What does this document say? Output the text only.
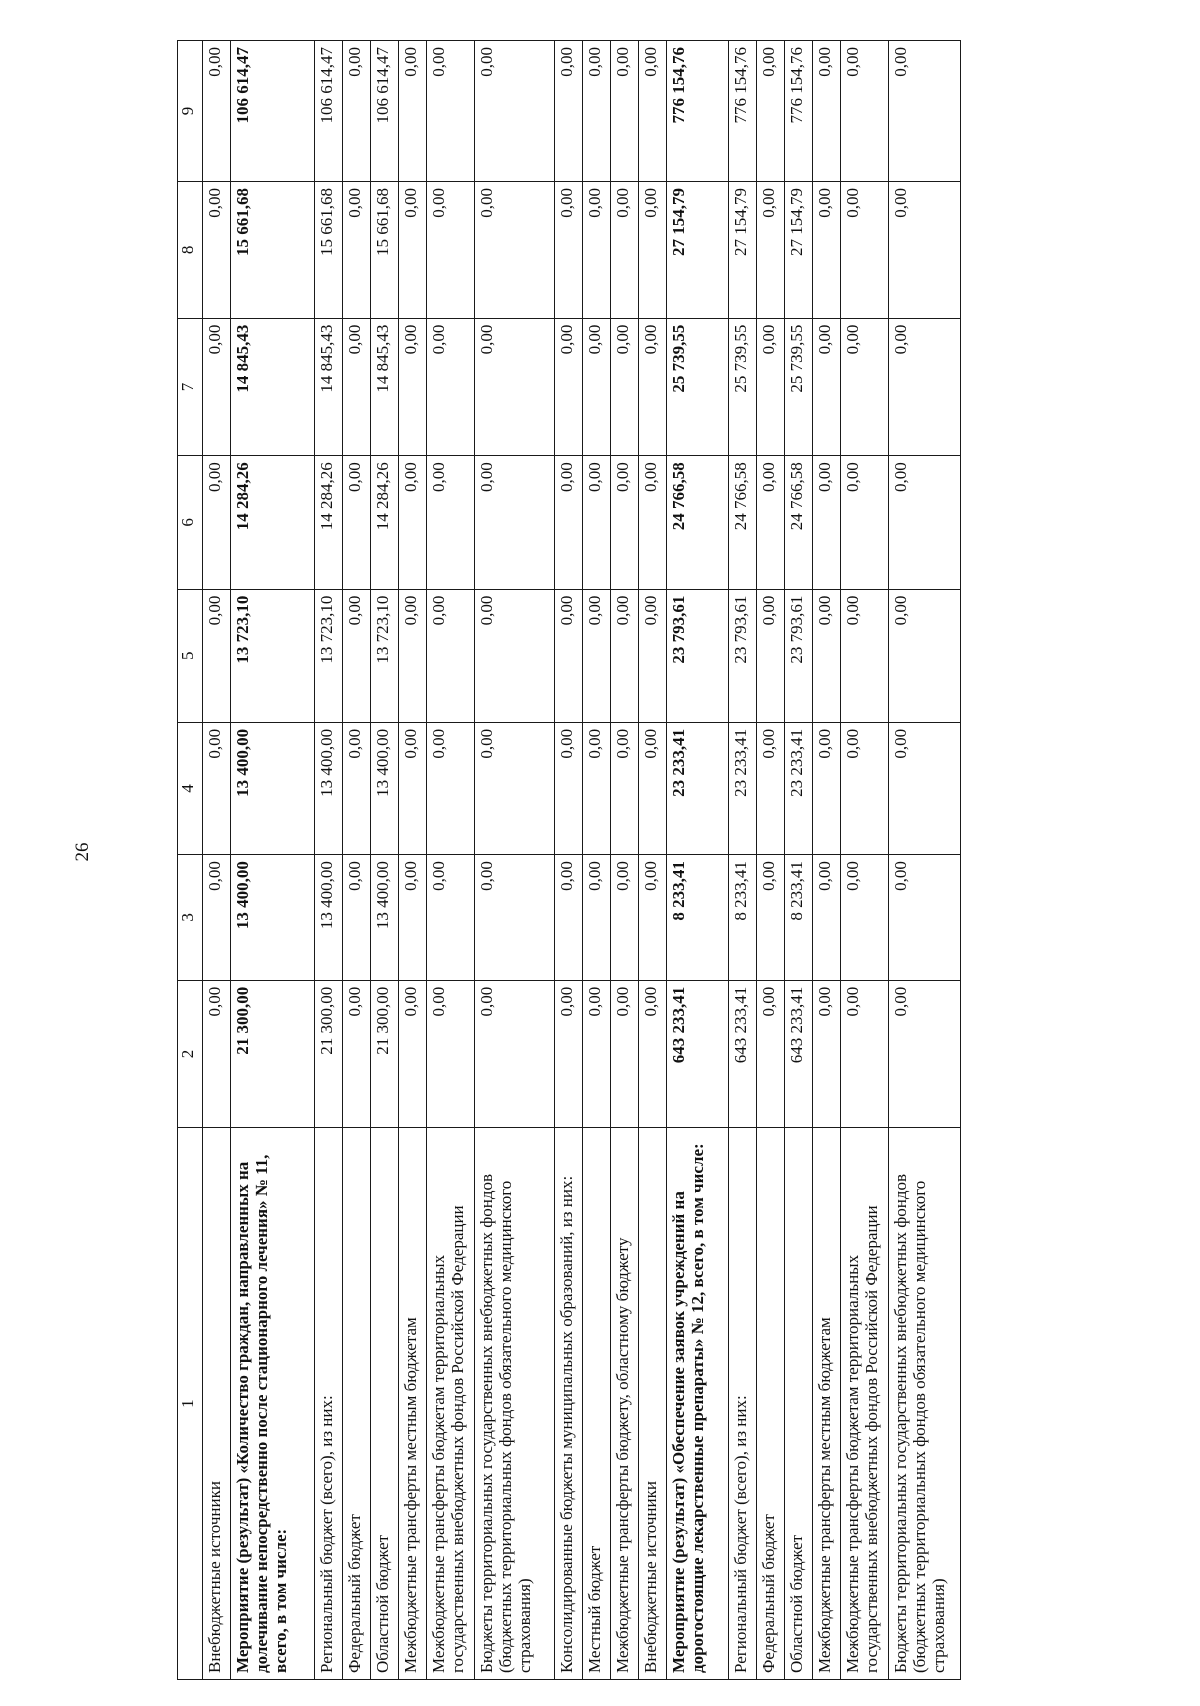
26
1	2	3	4	5	6	7	8	9
Внебюджетные источники	0,00	0,00	0,00	0,00	0,00	0,00	0,00	0,00
Мероприятие (результат) «Количество граждан, направленных на долечивание непосредственно после стационарного лечения» № 11, всего, в том числе:	21 300,00	13 400,00	13 400,00	13 723,10	14 284,26	14 845,43	15 661,68	106 614,47
Региональный бюджет (всего), из них:	21 300,00	13 400,00	13 400,00	13 723,10	14 284,26	14 845,43	15 661,68	106 614,47
Федеральный бюджет	0,00	0,00	0,00	0,00	0,00	0,00	0,00	0,00
Областной бюджет	21 300,00	13 400,00	13 400,00	13 723,10	14 284,26	14 845,43	15 661,68	106 614,47
Межбюджетные трансферты местным бюджетам	0,00	0,00	0,00	0,00	0,00	0,00	0,00	0,00
Межбюджетные трансферты бюджетам территориальных государственных внебюджетных фондов Российской Федерации	0,00	0,00	0,00	0,00	0,00	0,00	0,00	0,00
Бюджеты территориальных государственных внебюджетных фондов (бюджетных территориальных фондов обязательного медицинского страхования)	0,00	0,00	0,00	0,00	0,00	0,00	0,00	0,00
Консолидированные бюджеты муниципальных образований, из них:	0,00	0,00	0,00	0,00	0,00	0,00	0,00	0,00
Местный бюджет	0,00	0,00	0,00	0,00	0,00	0,00	0,00	0,00
Межбюджетные трансферты бюджету, областному бюджету	0,00	0,00	0,00	0,00	0,00	0,00	0,00	0,00
Внебюджетные источники	0,00	0,00	0,00	0,00	0,00	0,00	0,00	0,00
Мероприятие (результат) «Обеспечение заявок учреждений на дорогостоящие лекарственные препараты» № 12, всего, в том числе:	643 233,41	8 233,41	23 233,41	23 793,61	24 766,58	25 739,55	27 154,79	776 154,76
Региональный бюджет (всего), из них:	643 233,41	8 233,41	23 233,41	23 793,61	24 766,58	25 739,55	27 154,79	776 154,76
Федеральный бюджет	0,00	0,00	0,00	0,00	0,00	0,00	0,00	0,00
Областной бюджет	643 233,41	8 233,41	23 233,41	23 793,61	24 766,58	25 739,55	27 154,79	776 154,76
Межбюджетные трансферты местным бюджетам	0,00	0,00	0,00	0,00	0,00	0,00	0,00	0,00
Межбюджетные трансферты бюджетам территориальных государственных внебюджетных фондов Российской Федерации	0,00	0,00	0,00	0,00	0,00	0,00	0,00	0,00
Бюджеты территориальных государственных внебюджетных фондов (бюджетных территориальных фондов обязательного медицинского страхования)	0,00	0,00	0,00	0,00	0,00	0,00	0,00	0,00
